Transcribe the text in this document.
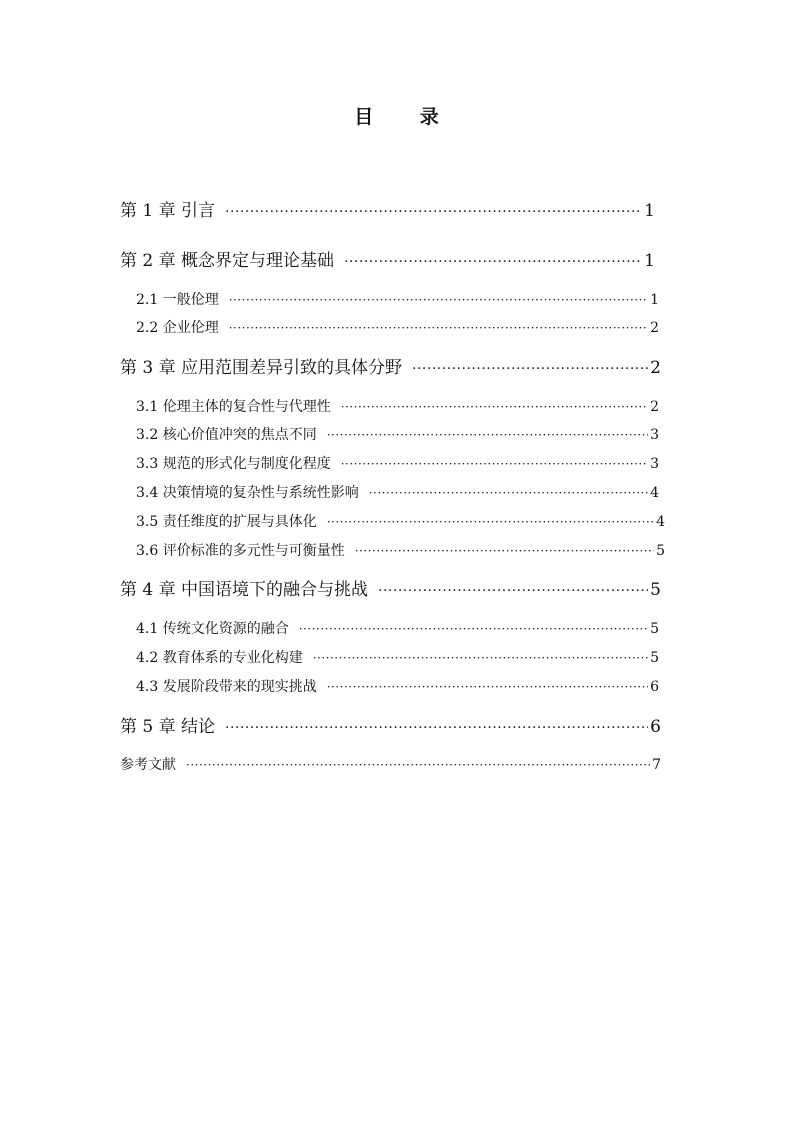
目 录
第 1 章 引言 ·····	1
第 2 章 概念界定与理论基础 ·····	1
2.1 一般伦理 ·····	1
2.2 企业伦理 ·····	2
第 3 章 应用范围差异引致的具体分野 ·····	2
3.1 伦理主体的复合性与代理性 ·····	2
3.2 核心价值冲突的焦点不同 ·····	3
3.3 规范的形式化与制度化程度 ·····	3
3.4 决策情境的复杂性与系统性影响 ·····	4
3.5 责任维度的扩展与具体化 ·····	4
3.6 评价标准的多元性与可衡量性 ·····	5
第 4 章 中国语境下的融合与挑战 ·····	5
4.1 传统文化资源的融合 ·····	5
4.2 教育体系的专业化构建 ·····	5
4.3 发展阶段带来的现实挑战 ·····	6
第 5 章 结论 ·····	6
参考文献 ·····	7
